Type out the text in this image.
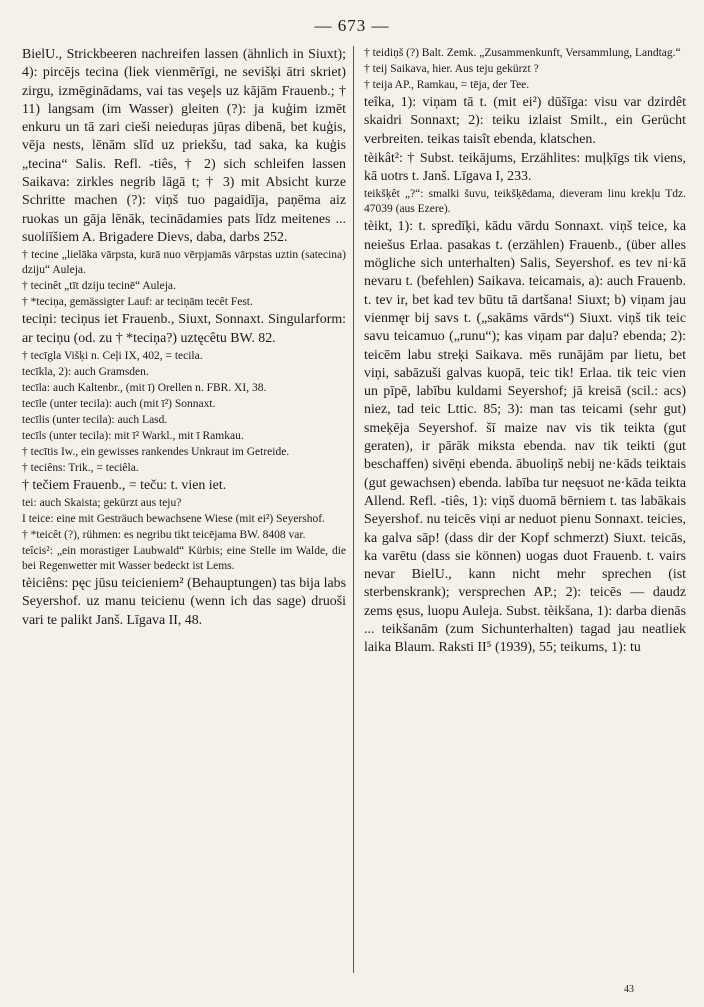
— 673 —
BielU., Strickbeeren nachreifen lassen (ähnlich in Siuxt); 4): pircējs tecina (liek vienmērīgi, ne sevišķi ātri skriet) zirgu, izmēginādams, vai tas veşeļs uz kājām Frauenb.; † 11) langsam (im Wasser) gleiten (?): ja kuģim izmēt enkuru un tā zari cieši neieduŗas jūŗas dibenā, bet kuģis, vēja nests, lēnām slīd uz priekšu, tad saka, ka kuģis „tecina“ Salis. Refl. -tiês, † 2) sich schleifen lassen Saikava: zirkles negrib lāgā t; † 3) mit Absicht kurze Schritte machen (?): viņš tuo pagaidīja, paņēma aiz ruokas un gāja lēnāk, tecinādamies pats līdz meitenes ... suoliīšiem A. Brigadere Dievs, daba, darbs 252.
† tecine „lielāka vārpsta, kurā nuo vērpjamās vārpstas uztin (satecina) dziju“ Auleja.
† tecinêt „tīt dziju tecinē“ Auleja.
† *teciņa, gemässigter Lauf: ar teciņām tecêt Fest.
teciņi: teciņus iet Frauenb., Siuxt, Sonnaxt. Singularform: ar teciņu (od. zu † *teciņa?) uztęcêtu BW. 82.
† tecīgla Višķi n. Ceļi IX, 402, = tecila.
tecīkla, 2): auch Gramsden.
tecīla: auch Kaltenbr., (mit ī) Orellen n. FBR. XI, 38.
tecīle (unter tecila): auch (mit ī²) Sonnaxt.
tecīlis (unter tecila): auch Lasd.
tecīls (unter tecila): mit ī² Warkl., mit ī Ramkau.
† tecītis Iw., ein gewisses rankendes Unkraut im Getreide.
† teciêns: Trik., = teciêla.
† tečiem Frauenb., = teču: t. vien iet.
tei: auch Skaista; gekürzt aus teju?
I teice: eine mit Gesträuch bewachsene Wiese (mit ei²) Seyershof.
† *teicêt (?), rühmen: es negribu tikt teicējama BW. 8408 var.
teîcis²: „ein morastiger Laubwald“ Kürbis; eine Stelle im Walde, die bei Regenwetter mit Wasser bedeckt ist Lems.
tèiciêns: pęc jūsu teicieniem² (Behauptungen) tas bija labs Seyershof. uz manu teicienu (wenn ich das sage) druoši vari te palikt Janš. Līgava II, 48.
† teidiņš (?) Balt. Zemk. „Zusammenkunft, Versammlung, Landtag.“
† teij Saikava, hier. Aus teju gekürzt ?
† teija AP., Ramkau, = tēja, der Tee.
teîka, 1): viņam tā t. (mit ei²) dūšīga: visu var dzirdêt skaidri Sonnaxt; 2): teiku izlaist Smilt., ein Gerücht verbreiten. teikas taisît ebenda, klatschen.
tèikât²: † Subst. teikājums, Erzählites: muļķīgs tik viens, kā uotrs t. Janš. Līgava I, 233.
teikšķêt „?“: smalki šuvu, teikšķēdama, dieveram linu krekļu Tdz. 47039 (aus Ezere).
tèikt, 1): t. spredīķi, kādu vārdu Sonnaxt. viņš teice, ka neiešus Erlaa. pasakas t. (erzählen) Frauenb., (über alles mögliche sich unterhalten) Salis, Seyershof. es tev ni·kā nevaru t. (befehlen) Saikava. teicamais, a): auch Frauenb. t. tev ir, bet kad tev būtu tā dartšana! Siuxt; b) viņam jau vienmęr bij savs t. („sakāms vārds“) Siuxt. viņš tik teic savu teicamuo („runu“); kas viņam par daļu? ebenda; 2): teicēm labu streķi Saikava. mēs runājām par lietu, bet viņi, sabāzuši galvas kuopā, teic tik! Erlaa. tik teic vien un pīpē, labību kuldami Seyershof; jā kreisā (scil.: acs) niez, tad teic Lttic. 85; 3): man tas teicami (sehr gut) smeķēja Seyershof. šī maize nav vis tik teikta (gut geraten), ir pārāk miksta ebenda. nav tik teikti (gut beschaffen) sivēņi ebenda. ābuoliņš nebij ne·kāds teiktais (gut gewachsen) ebenda. labība tur neęsuot ne·kāda teikta Allend. Refl. -tiês, 1): viņš duomā bērniem t. tas labākais Seyershof. nu teicēs viņi ar neduot pienu Sonnaxt. teicies, ka galva sāp! (dass dir der Kopf schmerzt) Siuxt. teicās, ka varētu (dass sie können) uogas duot Frauenb. t. vairs nevar BielU., kann nicht mehr sprechen (ist sterbenskrank); versprechen AP.; 2): teicēs — daudz zems ęsus, luopu Auleja. Subst. tèikšana, 1): darba dienās ... teikšanām (zum Sichunterhalten) tagad jau neatliek laika Blaum. Raksti II⁵ (1939), 55; teikums, 1): tu
43
